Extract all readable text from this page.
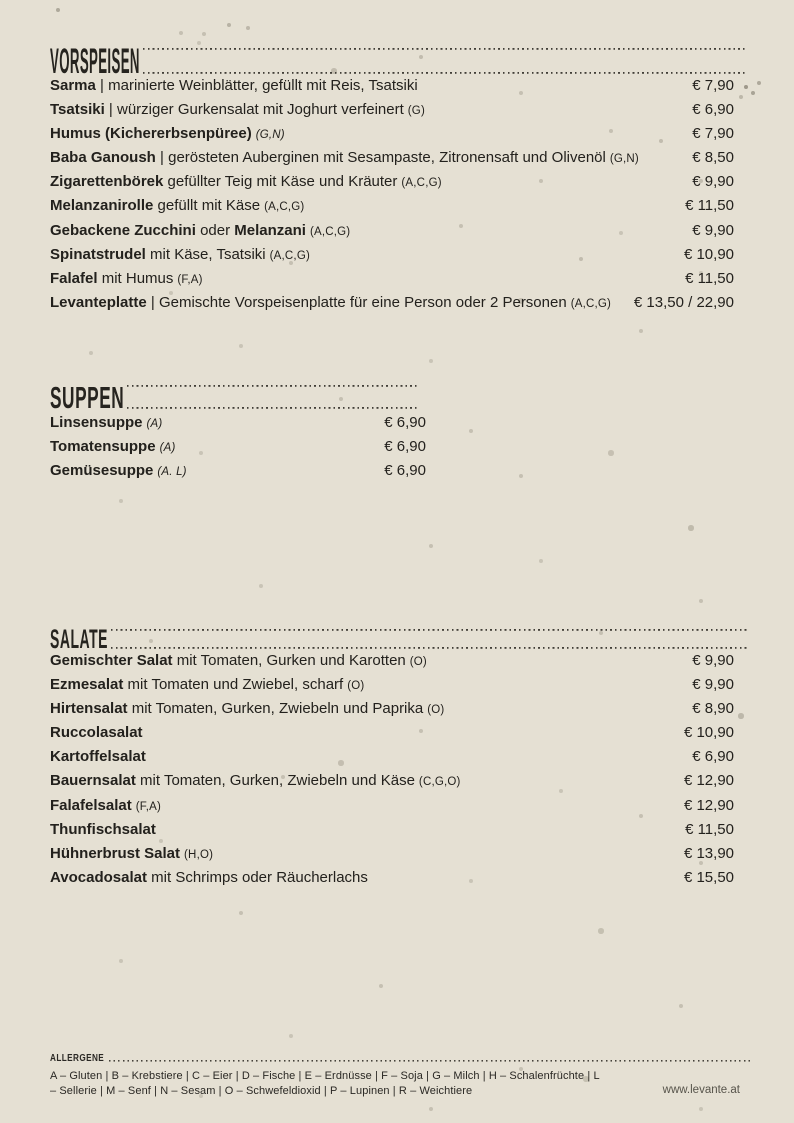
VORSPEISEN
Sarma | marinierte Weinblätter, gefüllt mit Reis, Tsatsiki	€ 7,90
Tsatsiki | würziger Gurkensalat mit Joghurt verfeinert (G)	€ 6,90
Humus (Kichererbsenpüree) (G,N)	€ 7,90
Baba Ganoush | gerösteten Auberginen mit Sesampaste, Zitronensaft und Olivenöl (G,N)	€ 8,50
Zigarettenbörek gefüllter Teig mit Käse und Kräuter (A,C,G)	€ 9,90
Melanzanirolle gefüllt mit Käse (A,C,G)	€ 11,50
Gebackene Zucchini oder Melanzani (A,C,G)	€ 9,90
Spinatstrudel mit Käse, Tsatsiki (A,C,G)	€ 10,90
Falafel mit Humus (F,A)	€ 11,50
Levanteplatte | Gemischte Vorspeisenplatte für eine Person oder 2 Personen (A,C,G) € 13,50 / 22,90
SUPPEN
Linsensuppe (A)	€ 6,90
Tomatensuppe (A)	€ 6,90
Gemüsesuppe (A. L)	€ 6,90
SALATE
Gemischter Salat mit Tomaten, Gurken und Karotten (O)	€ 9,90
Ezmesalat mit Tomaten und Zwiebel, scharf (O)	€ 9,90
Hirtensalat mit Tomaten, Gurken, Zwiebeln und Paprika (O)	€ 8,90
Ruccolasalat	€ 10,90
Kartoffelsalat	€ 6,90
Bauernsalat mit Tomaten, Gurken, Zwiebeln und Käse (C,G,O)	€ 12,90
Falafelsalat (F,A)	€ 12,90
Thunfischsalat	€ 11,50
Hühnerbrust Salat (H,O)	€ 13,90
Avocadosalat mit Schrimps oder Räucherlachs	€ 15,50
ALLERGENE
A – Gluten | B – Krebstiere | C – Eier | D – Fische | E – Erdnüsse | F – Soja | G – Milch | H – Schalenfrüchte | L
– Sellerie | M – Senf | N – Sesam | O – Schwefeldioxid | P – Lupinen | R – Weichtiere	www.levante.at
